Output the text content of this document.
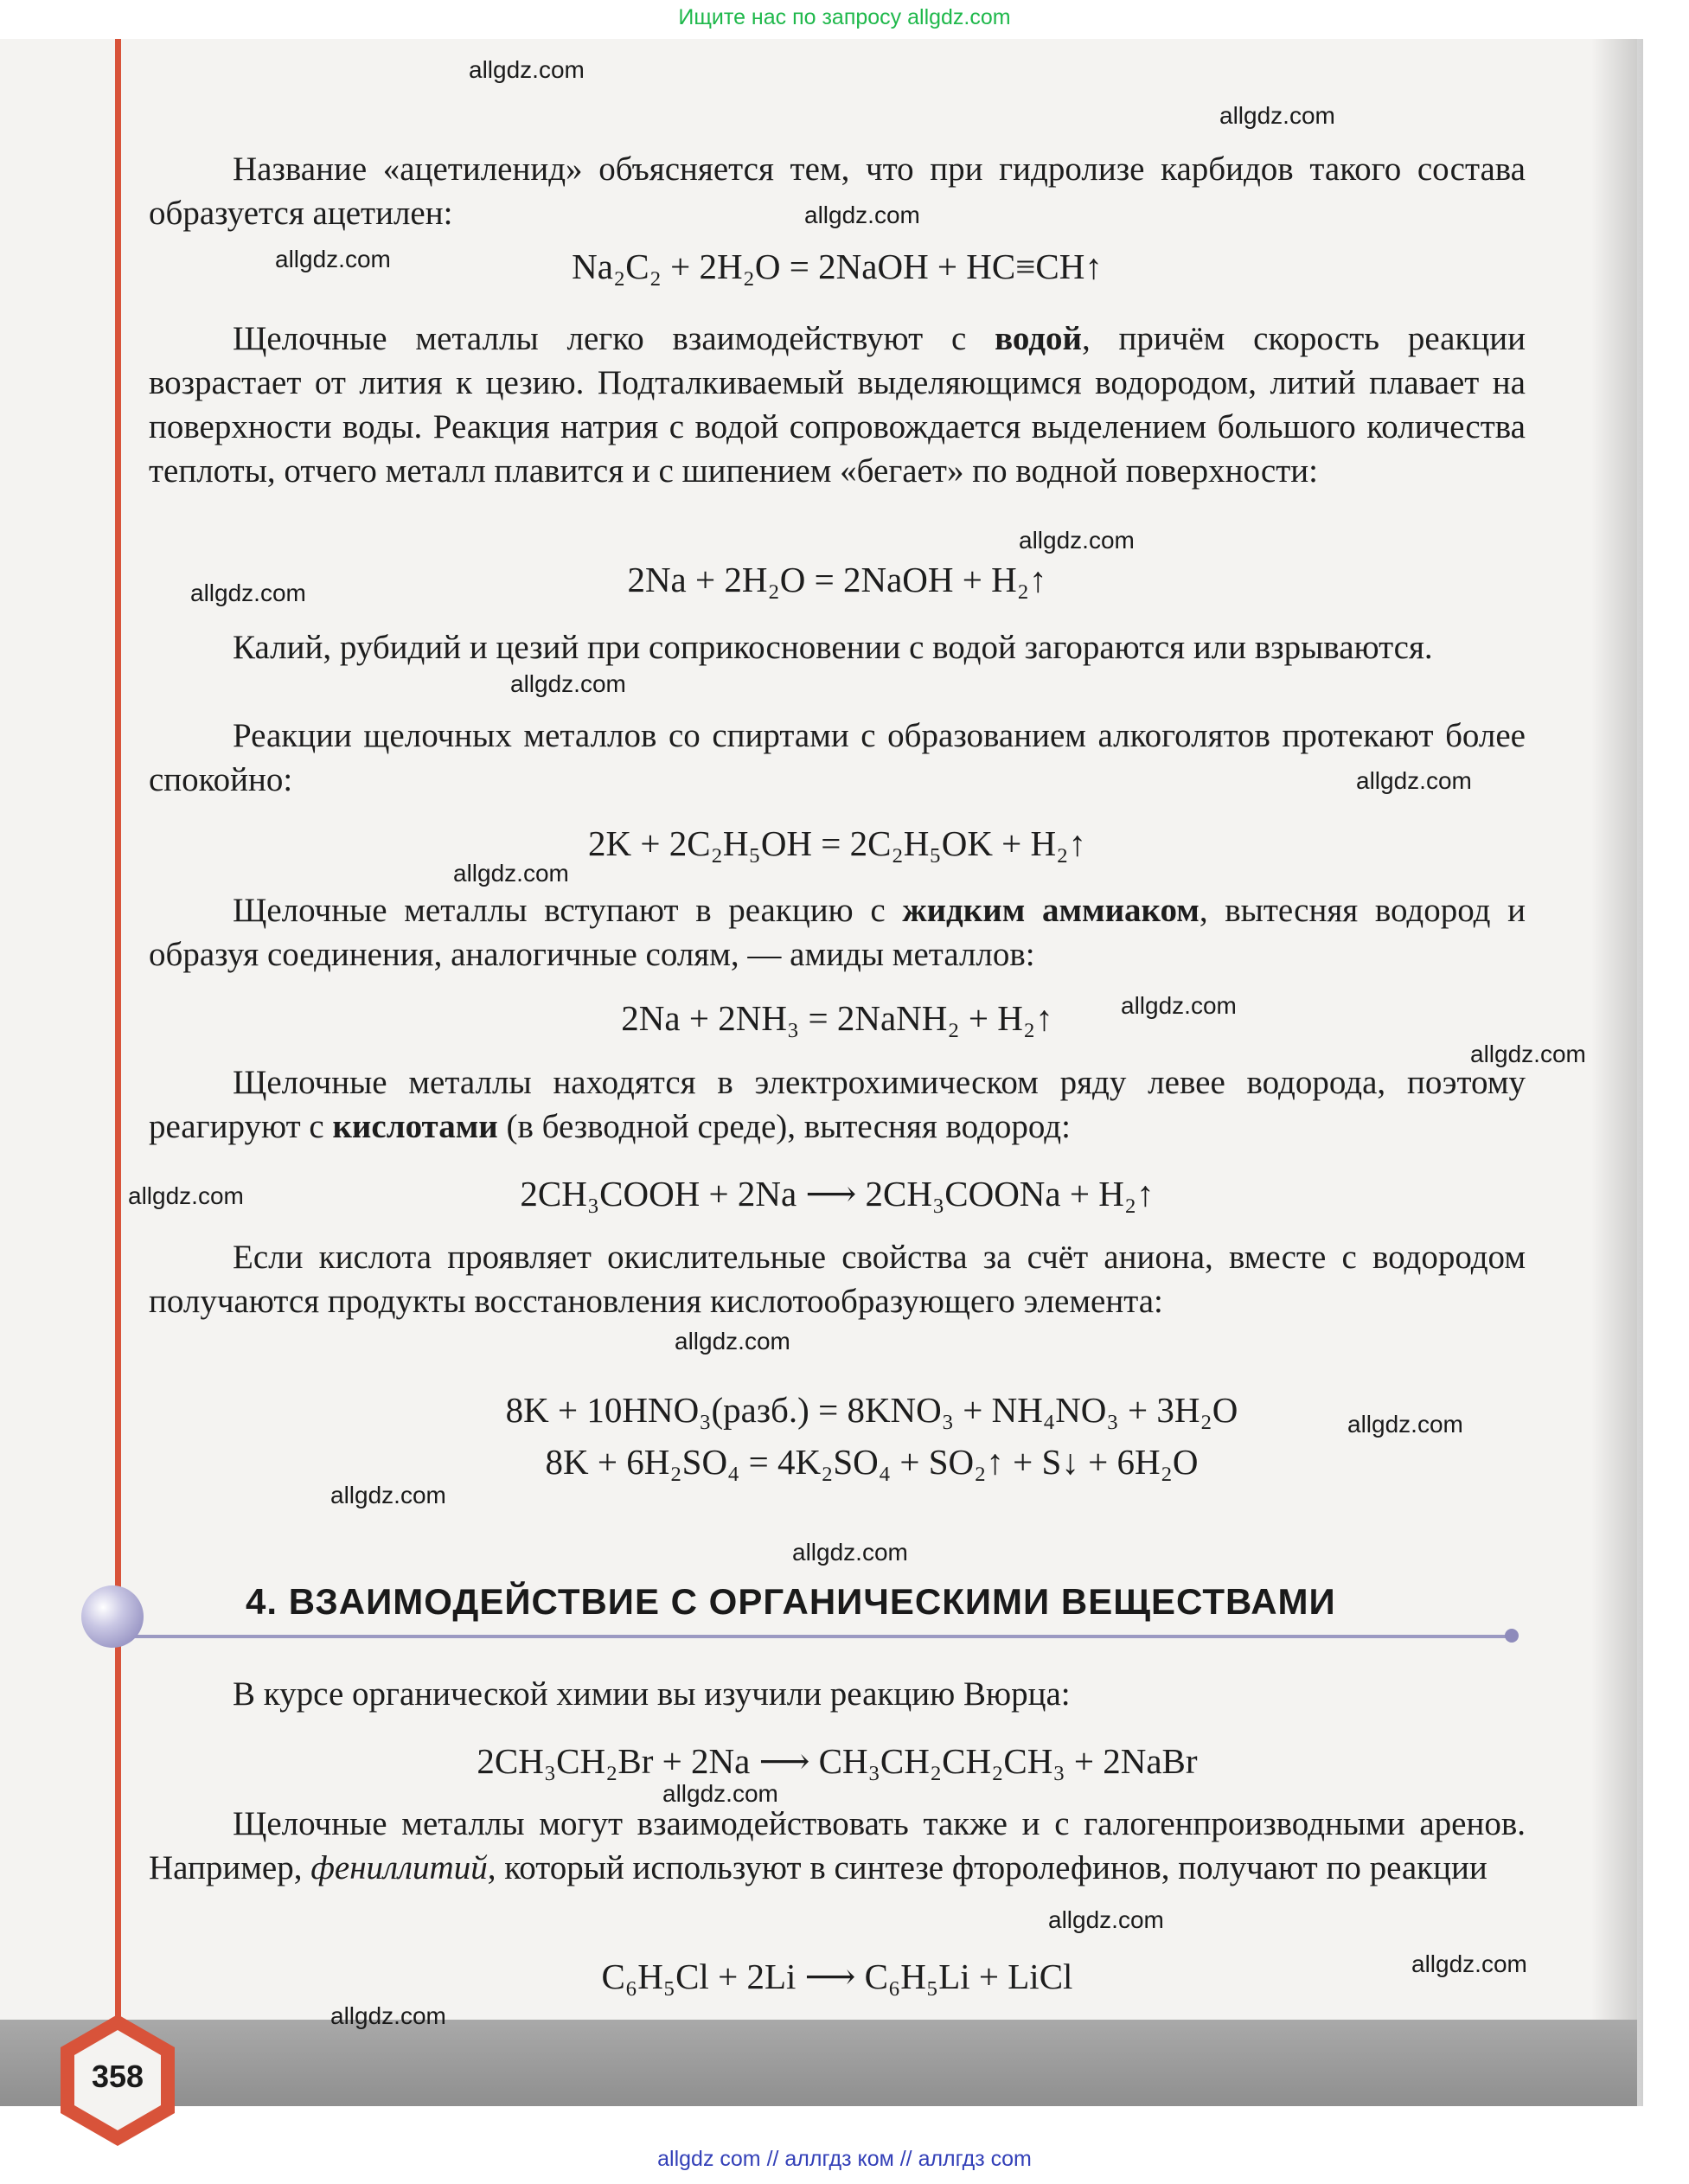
Ищите нас по запросу allgdz.com
Название «ацетиленид» объясняется тем, что при гидролизе карбидов такого состава образуется ацетилен:
Na₂C₂ + 2H₂O = 2NaOH + HC≡CH↑
Щелочные металлы легко взаимодействуют с водой, причём скорость реакции возрастает от лития к цезию. Подталкиваемый выделяющимся водородом, литий плавает на поверхности воды. Реакция натрия с водой сопровождается выделением большого количества теплоты, отчего металл плавится и с шипением «бегает» по водной поверхности:
2Na + 2H₂O = 2NaOH + H₂↑
Калий, рубидий и цезий при соприкосновении с водой загораются или взрываются.
Реакции щелочных металлов со спиртами с образованием алкоголятов протекают более спокойно:
2K + 2C₂H₅OH = 2C₂H₅OK + H₂↑
Щелочные металлы вступают в реакцию с жидким аммиаком, вытесняя водород и образуя соединения, аналогичные солям, — амиды металлов:
2Na + 2NH₃ = 2NaNH₂ + H₂↑
Щелочные металлы находятся в электрохимическом ряду левее водорода, поэтому реагируют с кислотами (в безводной среде), вытесняя водород:
2CH₃COOH + 2Na ⟶ 2CH₃COONa + H₂↑
Если кислота проявляет окислительные свойства за счёт аниона, вместе с водородом получаются продукты восстановления кислотообразующего элемента:
8K + 10HNO₃(разб.) = 8KNO₃ + NH₄NO₃ + 3H₂O
8K + 6H₂SO₄ = 4K₂SO₄ + SO₂↑ + S↓ + 6H₂O
4. ВЗАИМОДЕЙСТВИЕ С ОРГАНИЧЕСКИМИ ВЕЩЕСТВАМИ
В курсе органической химии вы изучили реакцию Вюрца:
2CH₃CH₂Br + 2Na ⟶ CH₃CH₂CH₂CH₃ + 2NaBr
Щелочные металлы могут взаимодействовать также и с галогенпроизводными аренов. Например, фениллитий, который используют в синтезе фторолефинов, получают по реакции
C₆H₅Cl + 2Li ⟶ C₆H₅Li + LiCl
358
allgdz.com
allgdz.com
allgdz.com
allgdz.com
allgdz.com
allgdz.com
allgdz.com
allgdz.com
allgdz.com
allgdz.com
allgdz.com
allgdz.com
allgdz.com
allgdz.com
allgdz.com
allgdz.com
allgdz.com
allgdz.com
allgdz.com
allgdz.com
allgdz com // аллгдз ком // аллгдз com
